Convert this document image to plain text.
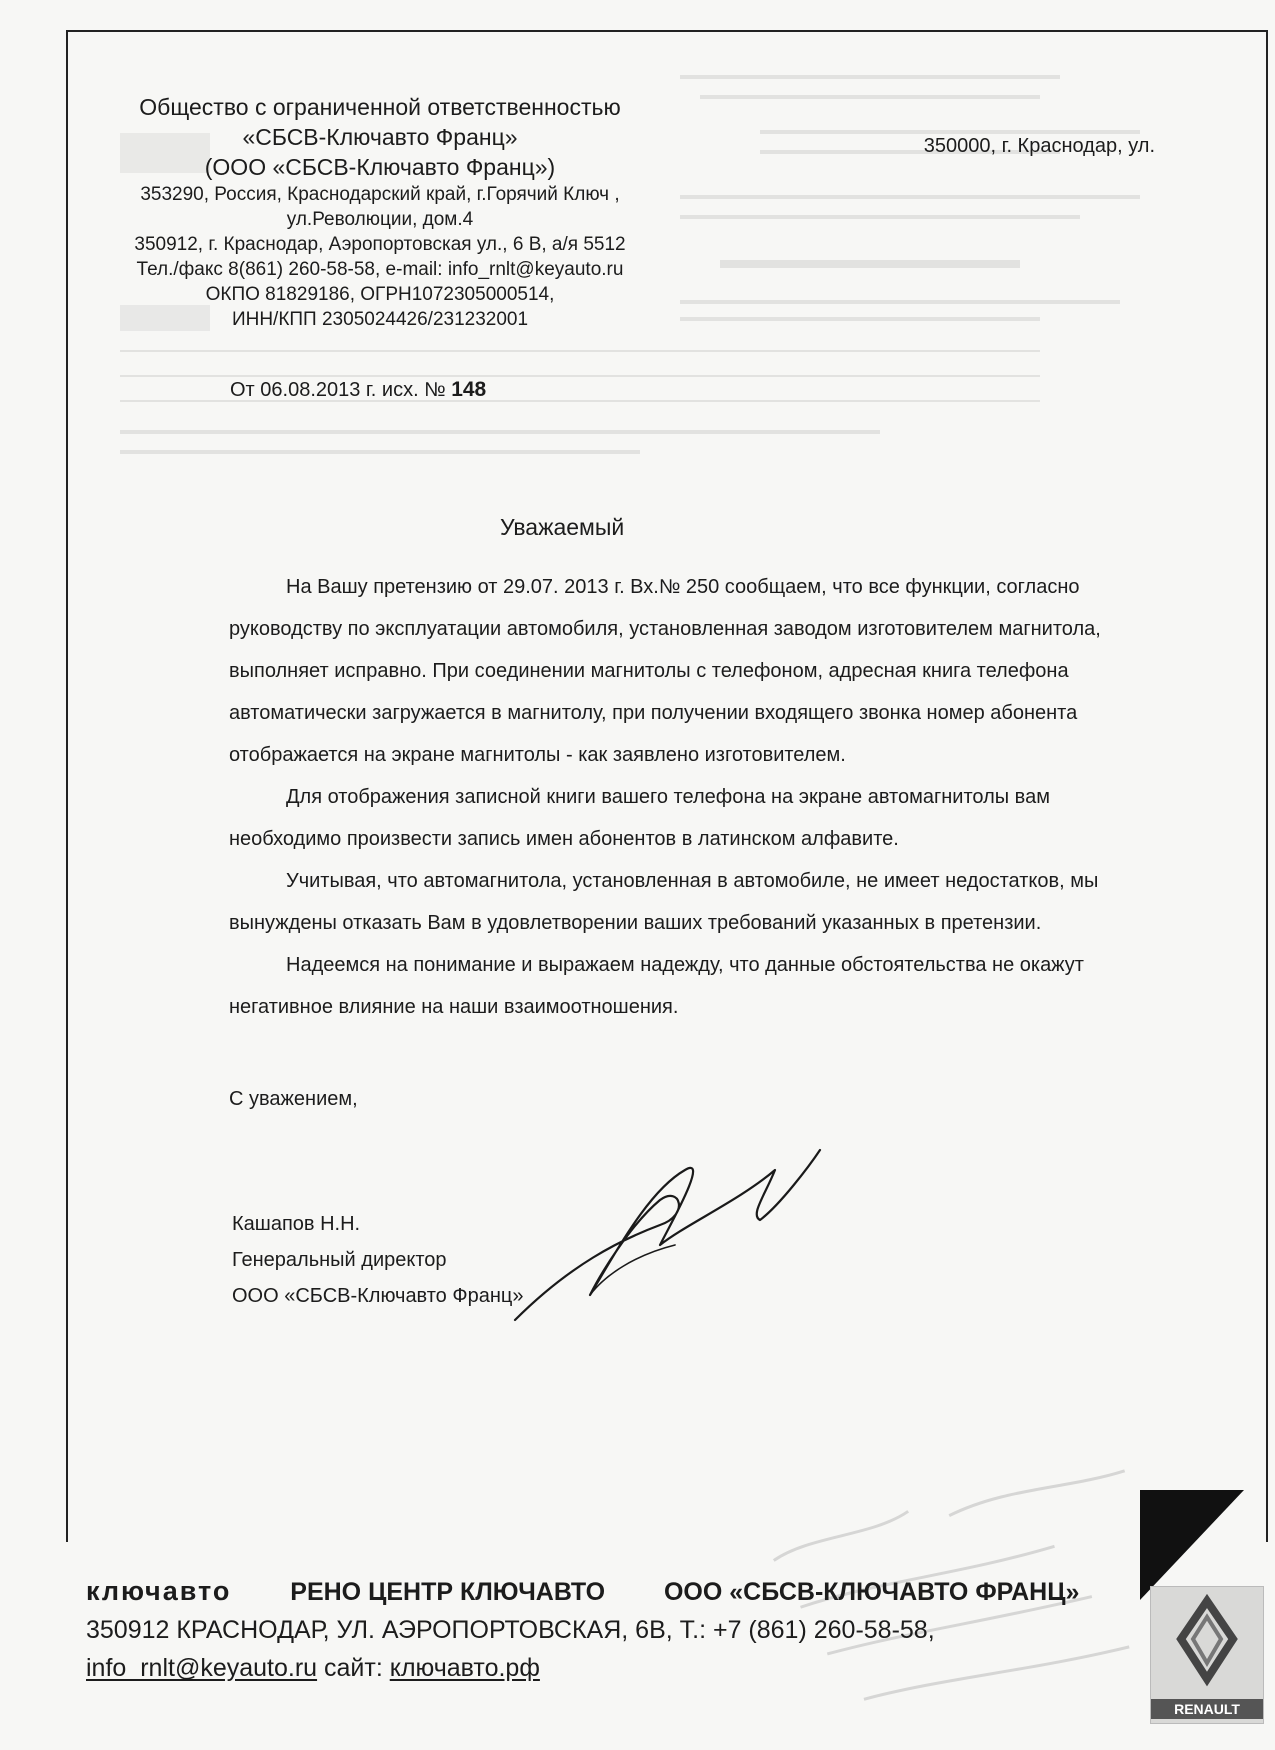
Общество с ограниченной ответственностью
«СБСВ-Ключавто Франц»
(ООО «СБСВ-Ключавто Франц»)
353290, Россия, Краснодарский край, г.Горячий Ключ ,
ул.Революции, дом.4
350912, г. Краснодар, Аэропортовская ул., 6 В, а/я 5512
Тел./факс 8(861) 260-58-58, e-mail: info_rnlt@keyauto.ru
ОКПО 81829186, ОГРН1072305000514,
ИНН/КПП 2305024426/231232001
350000, г. Краснодар, ул.
От 06.08.2013 г. исх. № 148
Уважаемый

На Вашу претензию от 29.07. 2013 г. Вх.№ 250 сообщаем, что все функции, согласно руководству по эксплуатации автомобиля, установленная заводом изготовителем магнитола, выполняет исправно. При соединении магнитолы с телефоном, адресная книга телефона автоматически загружается в магнитолу, при получении входящего звонка номер абонента отображается на экране магнитолы - как заявлено изготовителем.

Для отображения записной книги вашего телефона на экране автомагнитолы вам необходимо произвести запись имен абонентов в латинском алфавите.

Учитывая, что автомагнитола, установленная в автомобиле, не имеет недостатков, мы вынуждены отказать Вам в удовлетворении ваших требований указанных в претензии.

Надеемся на понимание и выражаем надежду, что данные обстоятельства не окажут негативное влияние на наши взаимоотношения.

С уважением,
Кашапов Н.Н.
Генеральный директор
ООО «СБСВ-Ключавто Франц»
ключавто РЕНО ЦЕНТР КЛЮЧАВТО ООО «СБСВ-КЛЮЧАВТО ФРАНЦ»
350912 КРАСНОДАР, УЛ. АЭРОПОРТОВСКАЯ, 6В, Т.: +7 (861) 260-58-58,
info_rnlt@keyauto.ru сайт: ключавто.рф
RENAULT
